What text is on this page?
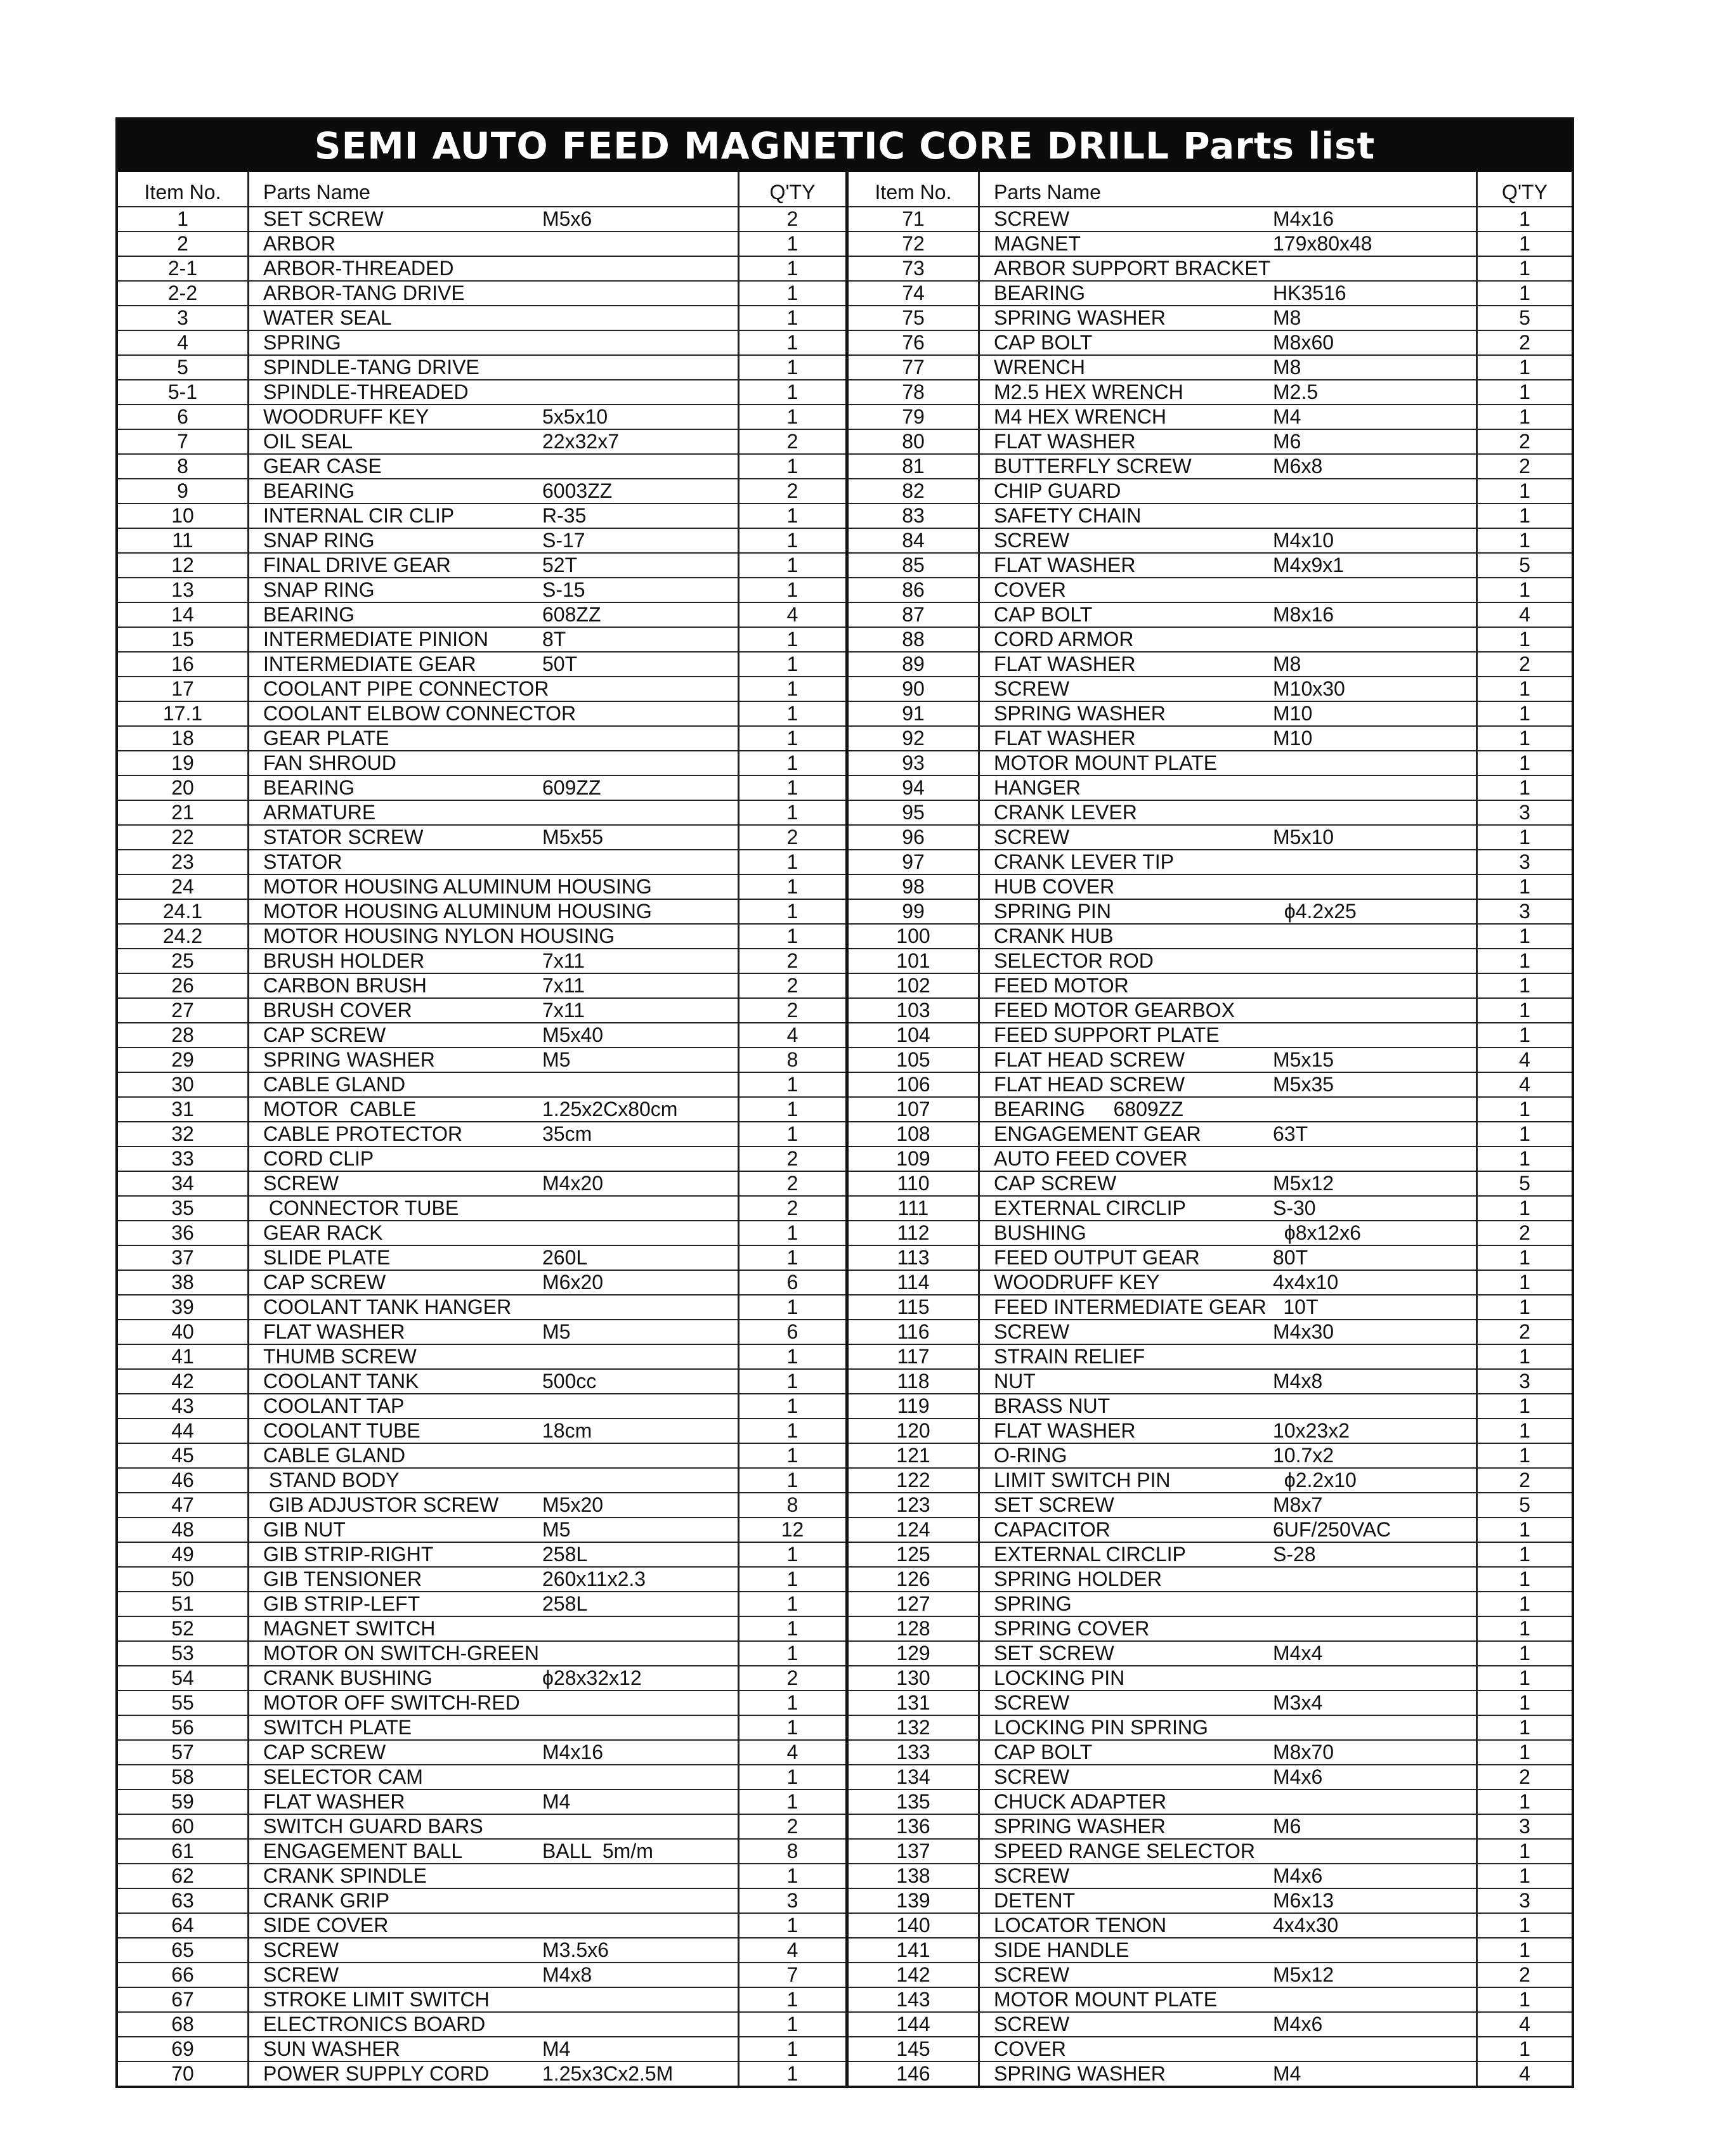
SEMI AUTO FEED MAGNETIC CORE DRILL Parts list
Item No.	Parts Name	Q'TY
1	SET SCREW	M5x6	2
2	ARBOR	1
2-1	ARBOR-THREADED	1
2-2	ARBOR-TANG DRIVE	1
3	WATER SEAL	1
4	SPRING	1
5	SPINDLE-TANG DRIVE	1
5-1	SPINDLE-THREADED	1
6	WOODRUFF KEY	5x5x10	1
7	OIL SEAL	22x32x7	2
8	GEAR CASE	1
9	BEARING	6003ZZ	2
10	INTERNAL CIR CLIP	R-35	1
11	SNAP RING	S-17	1
12	FINAL DRIVE GEAR	52T	1
13	SNAP RING	S-15	1
14	BEARING	608ZZ	4
15	INTERMEDIATE PINION	8T	1
16	INTERMEDIATE GEAR	50T	1
17	COOLANT PIPE CONNECTOR	1
17.1	COOLANT ELBOW CONNECTOR	1
18	GEAR PLATE	1
19	FAN SHROUD	1
20	BEARING	609ZZ	1
21	ARMATURE	1
22	STATOR SCREW	M5x55	2
23	STATOR	1
24	MOTOR HOUSING ALUMINUM HOUSING	1
24.1	MOTOR HOUSING ALUMINUM HOUSING	1
24.2	MOTOR HOUSING NYLON HOUSING	1
25	BRUSH HOLDER	7x11	2
26	CARBON BRUSH	7x11	2
27	BRUSH COVER	7x11	2
28	CAP SCREW	M5x40	4
29	SPRING WASHER	M5	8
30	CABLE GLAND	1
31	MOTOR  CABLE	1.25x2Cx80cm	1
32	CABLE PROTECTOR	35cm	1
33	CORD CLIP	2
34	SCREW	M4x20	2
35	CONNECTOR TUBE	2
36	GEAR RACK	1
37	SLIDE PLATE	260L	1
38	CAP SCREW	M6x20	6
39	COOLANT TANK HANGER	1
40	FLAT WASHER	M5	6
41	THUMB SCREW	1
42	COOLANT TANK	500cc	1
43	COOLANT TAP	1
44	COOLANT TUBE	18cm	1
45	CABLE GLAND	1
46	STAND BODY	1
47	GIB ADJUSTOR SCREW M5x20	8
48	GIB NUT	M5	12
49	GIB STRIP-RIGHT	258L	1
50	GIB TENSIONER	260x11x2.3	1
51	GIB STRIP-LEFT	258L	1
52	MAGNET SWITCH	1
53	MOTOR ON SWITCH-GREEN	1
54	CRANK BUSHING	ϕ28x32x12	2
55	MOTOR OFF SWITCH-RED	1
56	SWITCH PLATE	1
57	CAP SCREW	M4x16	4
58	SELECTOR CAM	1
59	FLAT WASHER	M4	1
60	SWITCH GUARD BARS	2
61	ENGAGEMENT BALL	BALL  5m/m	8
62	CRANK SPINDLE	1
63	CRANK GRIP	3
64	SIDE COVER	1
65	SCREW	M3.5x6	4
66	SCREW	M4x8	7
67	STROKE LIMIT SWITCH	1
68	ELECTRONICS BOARD	1
69	SUN WASHER	M4	1
70	POWER SUPPLY CORD	1.25x3Cx2.5M	1
Item No.	Parts Name	Q'TY
71	SCREW	M4x16	1
72	MAGNET	179x80x48	1
73	ARBOR SUPPORT BRACKET	1
74	BEARING	HK3516	1
75	SPRING WASHER	M8	5
76	CAP BOLT	M8x60	2
77	WRENCH	M8	1
78	M2.5 HEX WRENCH	M2.5	1
79	M4 HEX WRENCH	M4	1
80	FLAT WASHER	M6	2
81	BUTTERFLY SCREW	M6x8	2
82	CHIP GUARD	1
83	SAFETY CHAIN	1
84	SCREW	M4x10	1
85	FLAT WASHER	M4x9x1	5
86	COVER	1
87	CAP BOLT	M8x16	4
88	CORD ARMOR	1
89	FLAT WASHER	M8	2
90	SCREW	M10x30	1
91	SPRING WASHER	M10	1
92	FLAT WASHER	M10	1
93	MOTOR MOUNT PLATE	1
94	HANGER	1
95	CRANK LEVER	3
96	SCREW	M5x10	1
97	CRANK LEVER TIP	3
98	HUB COVER	1
99	SPRING PIN	ϕ4.2x25	3
100	CRANK HUB	1
101	SELECTOR ROD	1
102	FEED MOTOR	1
103	FEED MOTOR GEARBOX	1
104	FEED SUPPORT PLATE	1
105	FLAT HEAD SCREW	M5x15	4
106	FLAT HEAD SCREW	M5x35	4
107	BEARING     6809ZZ	1
108	ENGAGEMENT GEAR	63T	1
109	AUTO FEED COVER	1
110	CAP SCREW	M5x12	5
111	EXTERNAL CIRCLIP	S-30	1
112	BUSHING	ϕ8x12x6	2
113	FEED OUTPUT GEAR	80T	1
114	WOODRUFF KEY	4x4x10	1
115	FEED INTERMEDIATE GEAR   10T	1
116	SCREW	M4x30	2
117	STRAIN RELIEF	1
118	NUT	M4x8	3
119	BRASS NUT	1
120	FLAT WASHER	10x23x2	1
121	O-RING	10.7x2	1
122	LIMIT SWITCH PIN	ϕ2.2x10	2
123	SET SCREW	M8x7	5
124	CAPACITOR	6UF/250VAC	1
125	EXTERNAL CIRCLIP	S-28	1
126	SPRING HOLDER	1
127	SPRING	1
128	SPRING COVER	1
129	SET SCREW	M4x4	1
130	LOCKING PIN	1
131	SCREW	M3x4	1
132	LOCKING PIN SPRING	1
133	CAP BOLT	M8x70	1
134	SCREW	M4x6	2
135	CHUCK ADAPTER	1
136	SPRING WASHER	M6	3
137	SPEED RANGE SELECTOR	1
138	SCREW	M4x6	1
139	DETENT	M6x13	3
140	LOCATOR TENON	4x4x30	1
141	SIDE HANDLE	1
142	SCREW	M5x12	2
143	MOTOR MOUNT PLATE	1
144	SCREW	M4x6	4
145	COVER	1
146	SPRING WASHER	M4	4
